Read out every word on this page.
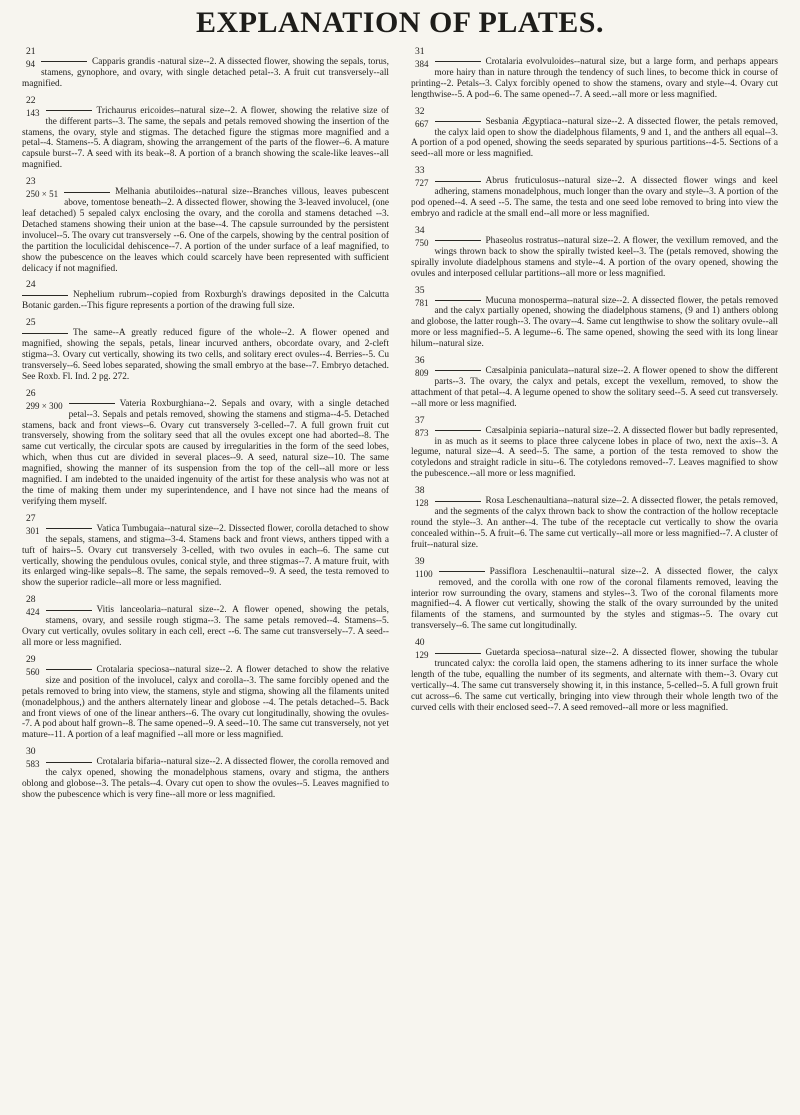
EXPLANATION OF PLATES.
21

94	Capparis grandis -natural size--2. A dissected flower, showing the sepals, torus, stamens, gynophore, and ovary, with single detached petal--3. A fruit cut transversely--all magnified.

22

143	Trichaurus ericoides--natural size--2. A flower, showing the relative size of the different parts--3. The same, the sepals and petals removed showing the insertion of the stamens, the ovary, style and stigmas. The detached figure the stigmas more magnified and a petal--4. Stamens--5. A diagram, showing the arrangement of the parts of the flower--6. A mature capsule burst--7. A seed with its beak--8. A portion of a branch showing the scale-like leaves--all magnified.

23

250 × 51	Melhania abutiloides--natural size--Branches villous, leaves pubescent above, tomentose beneath--2. A dissected flower, showing the 3-leaved involucel, (one leaf detached) 5 sepaled calyx enclosing the ovary, and the corolla and stamens detached --3. Detached stamens showing their union at the base--4. The capsule surrounded by the persistent involucel--5. The ovary cut transversely --6. One of the carpels, showing by the central position of the partition the loculicidal dehiscence--7. A portion of the under surface of a leaf magnified, to show the pubescence on the leaves which could scarcely have been represented with sufficient delicacy if not magnified.

24

Nephelium rubrum--copied from Roxburgh's drawings deposited in the Calcutta Botanic garden.--This figure represents a portion of the drawing full size.

25

The same--A greatly reduced figure of the whole--2. A flower opened and magnified, showing the sepals, petals, linear incurved anthers, obcordate ovary, and 2-cleft stigma--3. Ovary cut vertically, showing its two cells, and solitary erect ovules--4. Berries--5. Cu transversely--6. Seed lobes separated, showing the small embryo at the base--7. Embryo detached. See Roxb. Fl. Ind. 2 pg. 272.

26

299 × 300	Vateria Roxburghiana--2. Sepals and ovary, with a single detached petal--3. Sepals and petals removed, showing the stamens and stigma--4-5. Detached stamens, back and front views--6. Ovary cut transversely 3-celled--7. A full grown fruit cut transversely, showing from the solitary seed that all the ovules except one had aborted--8. The same cut vertically, the circular spots are caused by irregularities in the form of the seed lobes, which, when thus cut are divided in several places--9. A seed, natural size--10. The same magnified, showing the manner of its suspension from the top of the cell--all more or less magnified. I am indebted to the unaided ingenuity of the artist for these analysis who was not at the time of making them under my superintendence, and I have not since had the means of verifying them myself.

27

301	Vatica Tumbugaia--natural size--2. Dissected flower, corolla detached to show the sepals, stamens, and stigma--3-4. Stamens back and front views, anthers tipped with a tuft of hairs--5. Ovary cut transversely 3-celled, with two ovules in each--6. The same cut vertically, showing the pendulous ovules, conical style, and three stigmas--7. A mature fruit, with its enlarged wing-like sepals--8. The same, the sepals removed--9. A seed, the testa removed to show the superior radicle--all more or less magnified.

28

424	Vitis lanceolaria--natural size--2. A flower opened, showing the petals, stamens, ovary, and sessile rough stigma--3. The same petals removed--4. Stamens--5. Ovary cut vertically, ovules solitary in each cell, erect --6. The same cut transversely--7. A seed--all more or less magnified.

29

560	Crotalaria speciosa--natural size--2. A flower detached to show the relative size and position of the involucel, calyx and corolla--3. The same forcibly opened and the petals removed to bring into view, the stamens, style and stigma, showing all the filaments united (monadelphous,) and the anthers alternately linear and globose --4. The petals detached--5. Back and front views of one of the linear anthers--6. The ovary cut longitudinally, showing the ovules--7. A pod about half grown--8. The same opened--9. A seed--10. The same cut transversely, not yet mature--11. A portion of a leaf magnified --all more or less magnified.

30

583	Crotalaria bifaria--natural size--2. A dissected flower, the corolla removed and the calyx opened, showing the monadelphous stamens, ovary and stigma, the anthers oblong and globose--3. The petals--4. Ovary cut open to show the ovules--5. Leaves magnified to show the pubescence which is very fine--all more or less magnified.

31

384	Crotalaria evolvuloides--natural size, but a large form, and perhaps appears more hairy than in nature through the tendency of such lines, to become thick in course of printing--2. Petals--3. Calyx forcibly opened to show the stamens, ovary and style--4. Ovary cut lengthwise--5. A pod--6. The same opened--7. A seed.--all more or less magnified.

32

667	Sesbania Ægyptiaca--natural size--2. A dissected flower, the petals removed, the calyx laid open to show the diadelphous filaments, 9 and 1, and the anthers all equal--3. A portion of a pod opened, showing the seeds separated by spurious partitions--4-5. Sections of a seed--all more or less magnified.

33

727	Abrus fruticulosus--natural size--2. A dissected flower wings and keel adhering, stamens monadelphous, much longer than the ovary and style--3. A portion of the pod opened--4. A seed --5. The same, the testa and one seed lobe removed to bring into view the embryo and radicle at the small end--all more or less magnified.

34

750	Phaseolus rostratus--natural size--2. A flower, the vexillum removed, and the wings thrown back to show the spirally twisted keel--3. The (petals removed, showing the spirally involute diadelphous stamens and style--4. A portion of the ovary opened, showing the ovules and interposed cellular partitions--all more or less magnified.

35

781	Mucuna monosperma--natural size--2. A dissected flower, the petals removed and the calyx partially opened, showing the diadelphous stamens, (9 and 1) anthers oblong and globose, the latter rough--3. The ovary--4. Same cut lengthwise to show the solitary ovule--all more or less magnified--5. A legume--6. The same opened, showing the seed with its long linear hilum--natural size.

36

809	Cæsalpinia paniculata--natural size--2. A flower opened to show the different parts--3. The ovary, the calyx and petals, except the vexellum, removed, to show the attachment of that petal--4. A legume opened to show the solitary seed--5. A seed cut transversely. --all more or less magnified.

37

873	Cæsalpinia sepiaria--natural size--2. A dissected flower but badly represented, in as much as it seems to place three calycene lobes in place of two, next the axis--3. A legume, natural size--4. A seed--5. The same, a portion of the testa removed to show the cotyledons and straight radicle in situ--6. The cotyledons removed--7. Leaves magnified to show the pubescence.--all more or less magnified.

38

128	Rosa Leschenaultiana--natural size--2. A dissected flower, the petals removed, and the segments of the calyx thrown back to show the contraction of the hollow receptacle round the style--3. An anther--4. The tube of the receptacle cut vertically to show the ovaria concealed within--5. A fruit--6. The same cut vertically--all more or less magnified--7. A cluster of fruit--natural size.

39

1100	Passiflora Leschenaultii--natural size--2. A dissected flower, the calyx removed, and the corolla with one row of the coronal filaments removed, leaving the interior row surrounding the ovary, stamens and styles--3. Two of the coronal filaments more magnified--4. A flower cut vertically, showing the stalk of the ovary surrounded by the united filaments of the stamens, and surmounted by the styles and stigmas--5. The ovary cut transversely--6. The same cut longitudinally.

40

129	Guetarda speciosa--natural size--2. A dissected flower, showing the tubular truncated calyx: the corolla laid open, the stamens adhering to its inner surface the whole length of the tube, equalling the number of its segments, and alternate with them--3. Ovary cut vertically--4. The same cut transversely showing it, in this instance, 5-celled--5. A full grown fruit cut across--6. The same cut vertically, bringing into view through their whole length two of the curved cells with their enclosed seed--7. A seed removed--all more or less magnified.
